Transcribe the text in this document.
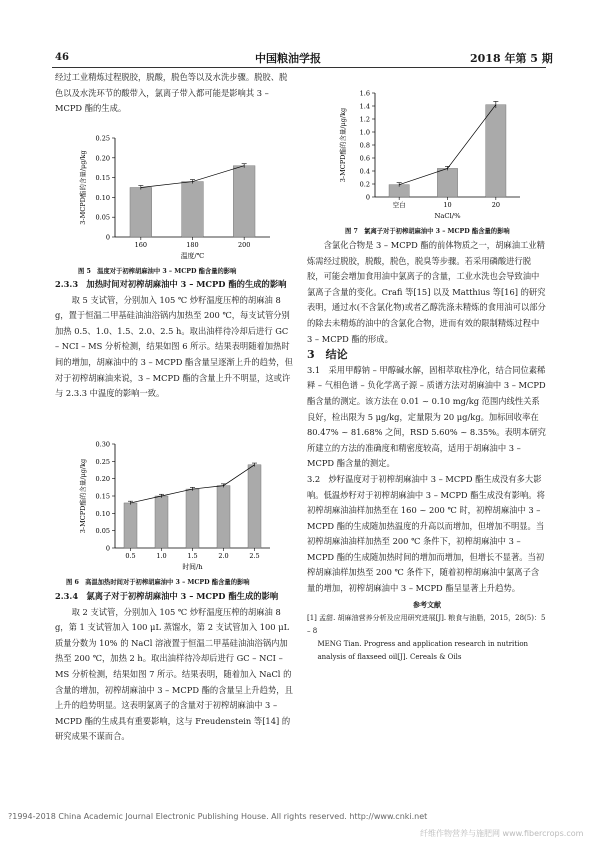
46	中国粮油学报	2018 年第 5 期

经过工业精炼过程脱胶，脱酸，脱色等以及水洗步骤。脱胶、脱色以及水洗环节的酸带入，氯离子带入都可能是影响其 3 – MCPD 酯的生成。

0
0.05
0.10
0.15
0.20
0.25
160	180	200
温度/℃
3-MCPD酯的含量/μg/kg
图 5　温度对于初榨胡麻油中 3 – MCPD 酯含量的影响

2.3.3　加热时间对初榨胡麻油中 3 – MCPD 酯的生成的影响

取 5 支试管，分别加入 105 ℃ 炒籽温度压榨的胡麻油 8 g，置于恒温二甲基硅油油浴锅内加热至 200 ℃，每支试管分别加热 0.5、1.0、1.5、2.0、2.5 h。取出油样待冷却后进行 GC – NCI – MS 分析检测，结果如图 6 所示。结果表明随着加热时间的增加，胡麻油中的 3 – MCPD 酯含量呈逐渐上升的趋势，但对于初榨胡麻油来说，3 – MCPD 酯的含量上升不明显，这或许与 2.3.3 中温度的影响一致。

0
0.05
0.10
0.15
0.20
0.25
0.30
0.5	1.0	1.5	2.0	2.5
时间/h
3-MCPD酯的含量/μg/kg
图 6　高温加热时间对于初榨胡麻油中 3 – MCPD 酯含量的影响

2.3.4　氯离子对于初榨胡麻油中 3 – MCPD 酯生成的影响

取 2 支试管，分别加入 105 ℃ 炒籽温度压榨的胡麻油 8 g，第 1 支试管加入 100 μL 蒸馏水，第 2 支试管加入 100 μL 质量分数为 10% 的 NaCl 溶液置于恒温二甲基硅油油浴锅内加热至 200 ℃，加热 2 h。取出油样待冷却后进行 GC – NCI – MS 分析检测，结果如图 7 所示。结果表明，随着加入 NaCl 的含量的增加，初榨胡麻油中 3 – MCPD 酯的含量呈上升趋势，且上升的趋势明显。这表明氯离子的含量对于初榨胡麻油中 3 – MCPD 酯的生成具有重要影响，这与 Freudenstein 等[14] 的研究成果不谋而合。

0
0.2
0.4
0.6
0.8
1.0
1.2
1.4
1.6
空白	10	20
NaCl/%
3-MCPD酯的含量/μg/kg
图 7　氯离子对于初榨胡麻油中 3 – MCPD 酯含量的影响

含氯化合物是 3 – MCPD 酯的前体物质之一，胡麻油工业精炼需经过脱胶，脱酸，脱色，脱臭等步骤。若采用磷酸进行脱胶，可能会增加食用油中氯离子的含量，工业水洗也会导致油中氯离子含量的变化。Crafi 等[15] 以及 Matthius 等[16] 的研究表明，通过水(不含氯化物)或者乙醇洗涤未精炼的食用油可以部分的除去未精炼的油中的含氯化合物，进而有效的限制精炼过程中 3 – MCPD 酯的形成。

3　结论

3.1　采用甲醇钠 – 甲醇碱水解，固相萃取柱净化，结合同位素稀释 – 气相色谱 – 负化学离子源 – 质谱方法对胡麻油中 3 – MCPD 酯含量的测定。该方法在 0.01 ~ 0.10 mg/kg 范围内线性关系良好，检出限为 5 μg/kg，定量限为 20 μg/kg。加标回收率在 80.47% ~ 81.68% 之间，RSD 5.60% ~ 8.35%。表明本研究所建立的方法的准确度和精密度较高，适用于胡麻油中 3 – MCPD 酯含量的测定。

3.2　炒籽温度对于初榨胡麻油中 3 – MCPD 酯生成没有多大影响。低温炒籽对于初榨胡麻油中 3 – MCPD 酯生成没有影响。将初榨胡麻油油样加热至在 160 ~ 200 ℃ 时，初榨胡麻油中 3 – MCPD 酯的生成随加热温度的升高以而增加，但增加不明显。当初榨胡麻油油样加热至 200 ℃ 条件下，初榨胡麻油中 3 – MCPD 酯的生成随加热时间的增加而增加，但增长不显著。当初榨胡麻油样加热至 200 ℃ 条件下，随着初榨胡麻油中氯离子含量的增加，初榨胡麻油中 3 – MCPD 酯呈显著上升趋势。

参考文献

[1] 孟甜. 胡麻油营养分析及应用研究进展[J]. 粮食与油脂，2015，28(5)：5 – 8

MENG Tian. Progress and application research in nutrition analysis of flaxseed oil[J]. Cereals & Oils

?1994-2018 China Academic Journal Electronic Publishing House. All rights reserved. http://www.cnki.net
纤维作物营养与施肥网 www.fibercrops.com
